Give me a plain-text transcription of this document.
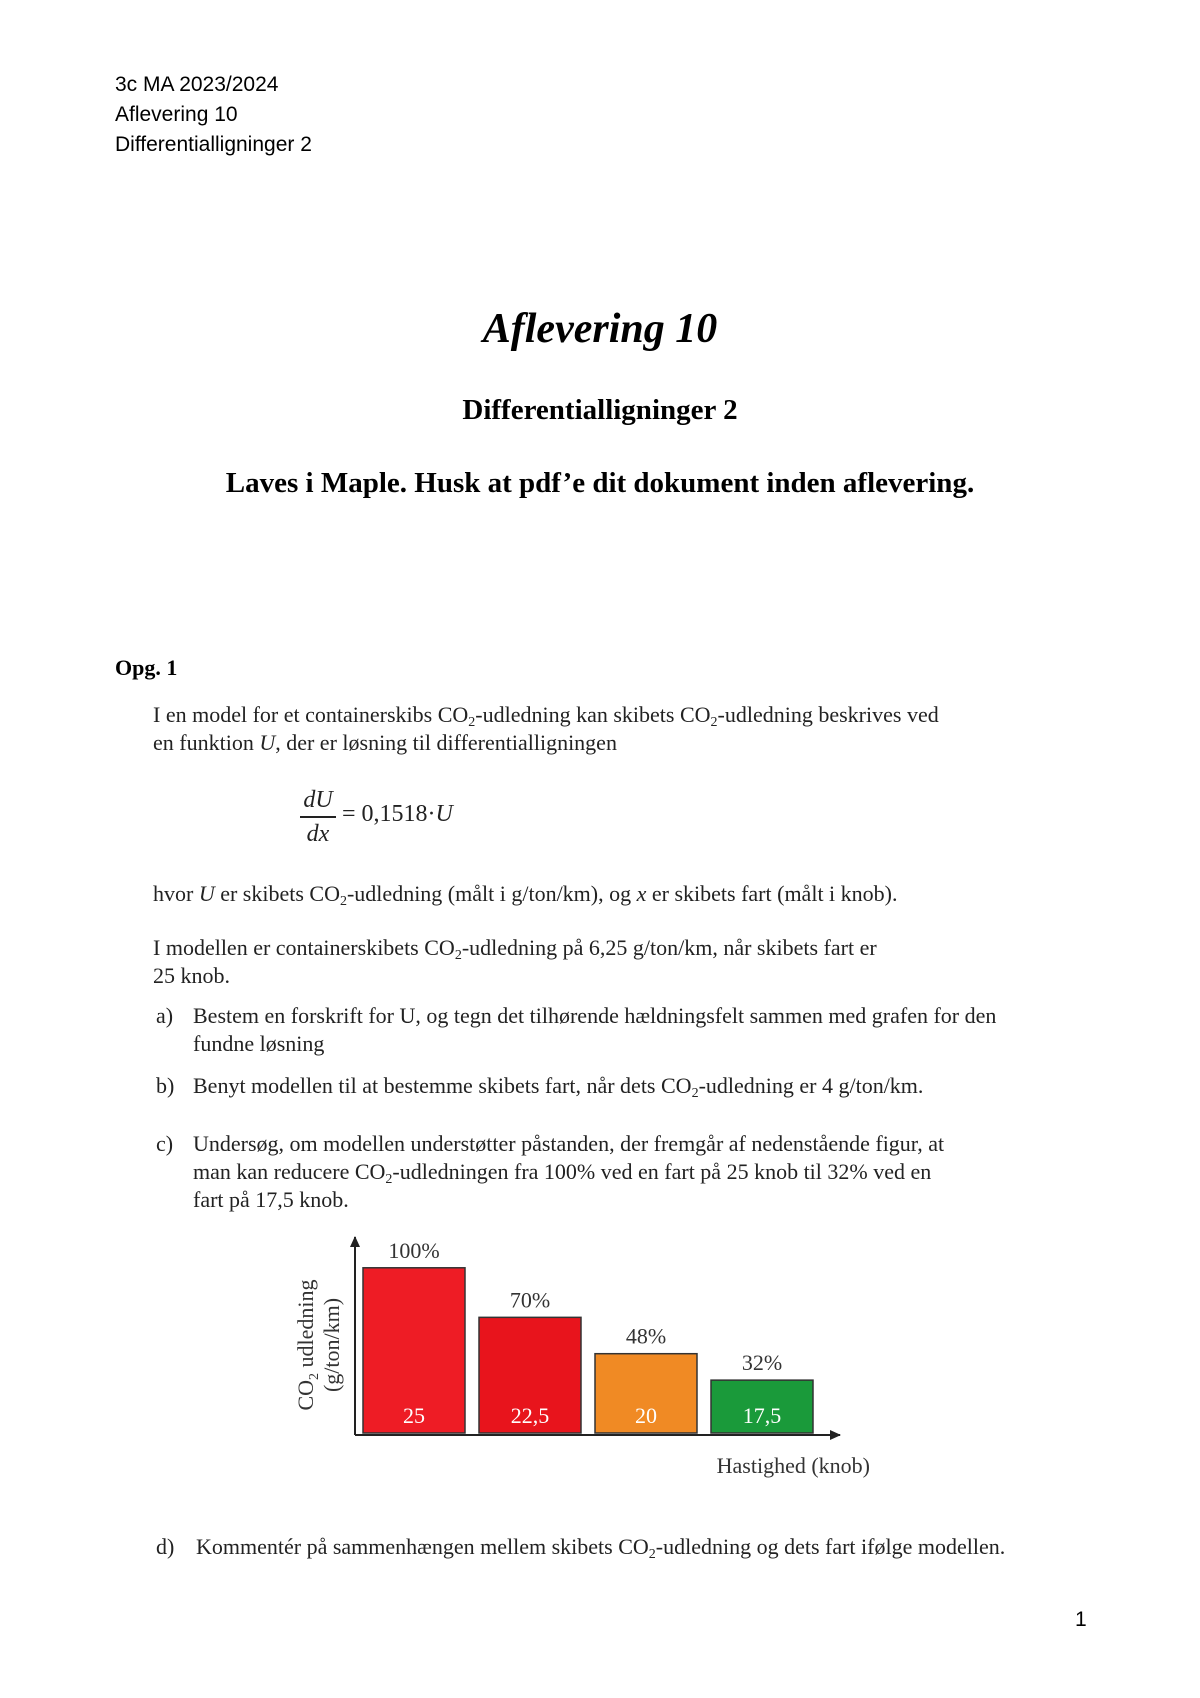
3c MA 2023/2024
Aflevering 10
Differentialligninger 2
Aflevering 10
Differentialligninger 2
Laves i Maple. Husk at pdf’e dit dokument inden aflevering.
Opg. 1
I en model for et containerskibs $CO_2$-udledning kan skibets $CO_2$-udledning beskrives ved
en funktion U, der er løsning til differentialligningen
dU
dx
= 0,1518·U
hvor U er skibets $CO_2$-udledning (målt i g/ton/km), og x er skibets fart (målt i knob).
I modellen er containerskibets $CO_2$-udledning på 6,25 g/ton/km, når skibets fart er
25 knob.
a) Bestem en forskrift for U, og tegn det tilhørende hældningsfelt sammen med grafen for den
fundne løsning
b) Benyt modellen til at bestemme skibets fart, når dets $CO_2$-udledning er 4 g/ton/km.
c) Undersøg, om modellen understøtter påstanden, der fremgår af nedenstående figur, at
man kan reducere $CO_2$-udledningen fra 100% ved en fart på 25 knob til 32% ved en
fart på 17,5 knob.
100%
25
70%
22,5
48%
20
32%
17,5
Hastighed (knob)
$CO_2$ udledning (g/ton/km)
d) Kommentér på sammenhængen mellem skibets $CO_2$-udledning og dets fart ifølge modellen.
1
